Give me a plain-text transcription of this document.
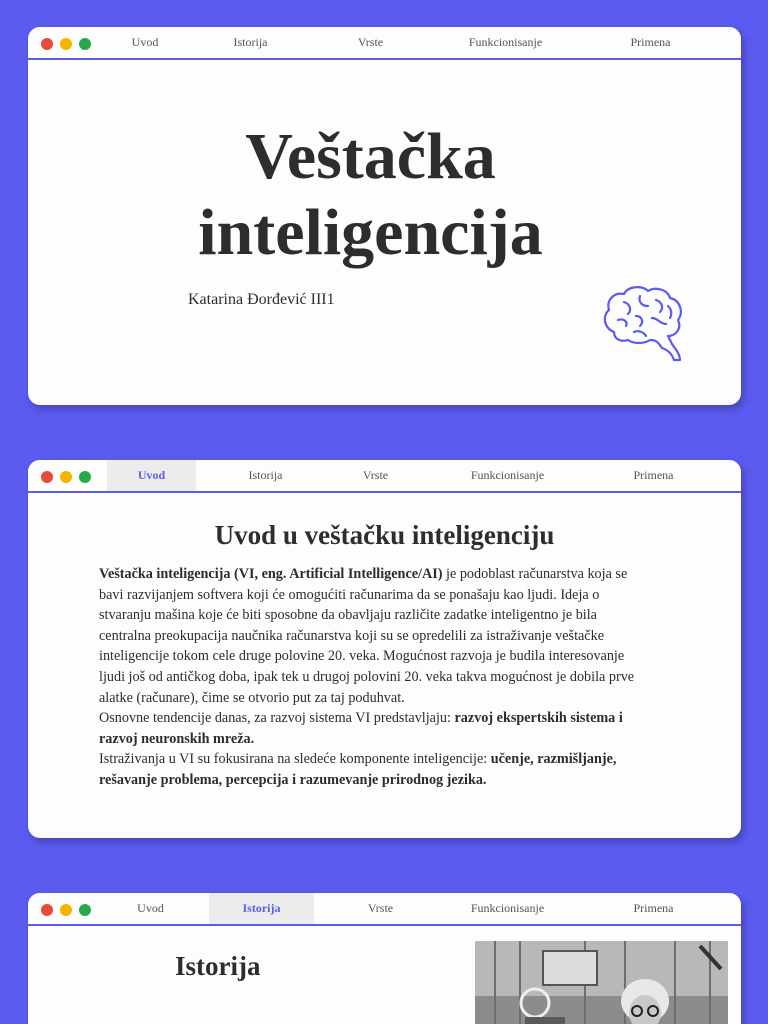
Uvod	Istorija	Vrste	Funkcionisanje	Primena
Veštačka
inteligencija
Katarina Đorđević III1
Uvod	Istorija	Vrste	Funkcionisanje	Primena
Uvod u veštačku inteligenciju
Veštačka inteligencija (VI, eng. Artificial Intelligence/AI) je podoblast računarstva koja se bavi razvijanjem softvera koji će omogućiti računarima da se ponašaju kao ljudi. Ideja o stvaranju mašina koje će biti sposobne da obavljaju različite zadatke inteligentno je bila centralna preokupacija naučnika računarstva koji su se opredelili za istraživanje veštačke inteligencije tokom cele druge polovine 20. veka. Mogućnost razvoja je budila interesovanje ljudi još od antičkog doba, ipak tek u drugoj polovini 20. veka takva mogućnost je dobila prve alatke (računare), čime se otvorio put za taj poduhvat.
Osnovne tendencije danas, za razvoj sistema VI predstavljaju: razvoj ekspertskih sistema i razvoj neuronskih mreža.
Istraživanja u VI su fokusirana na sledeće komponente inteligencije: učenje, razmišljanje, rešavanje problema, percepcija i razumevanje prirodnog jezika.
Uvod	Istorija	Vrste	Funkcionisanje	Primena
Istorija
